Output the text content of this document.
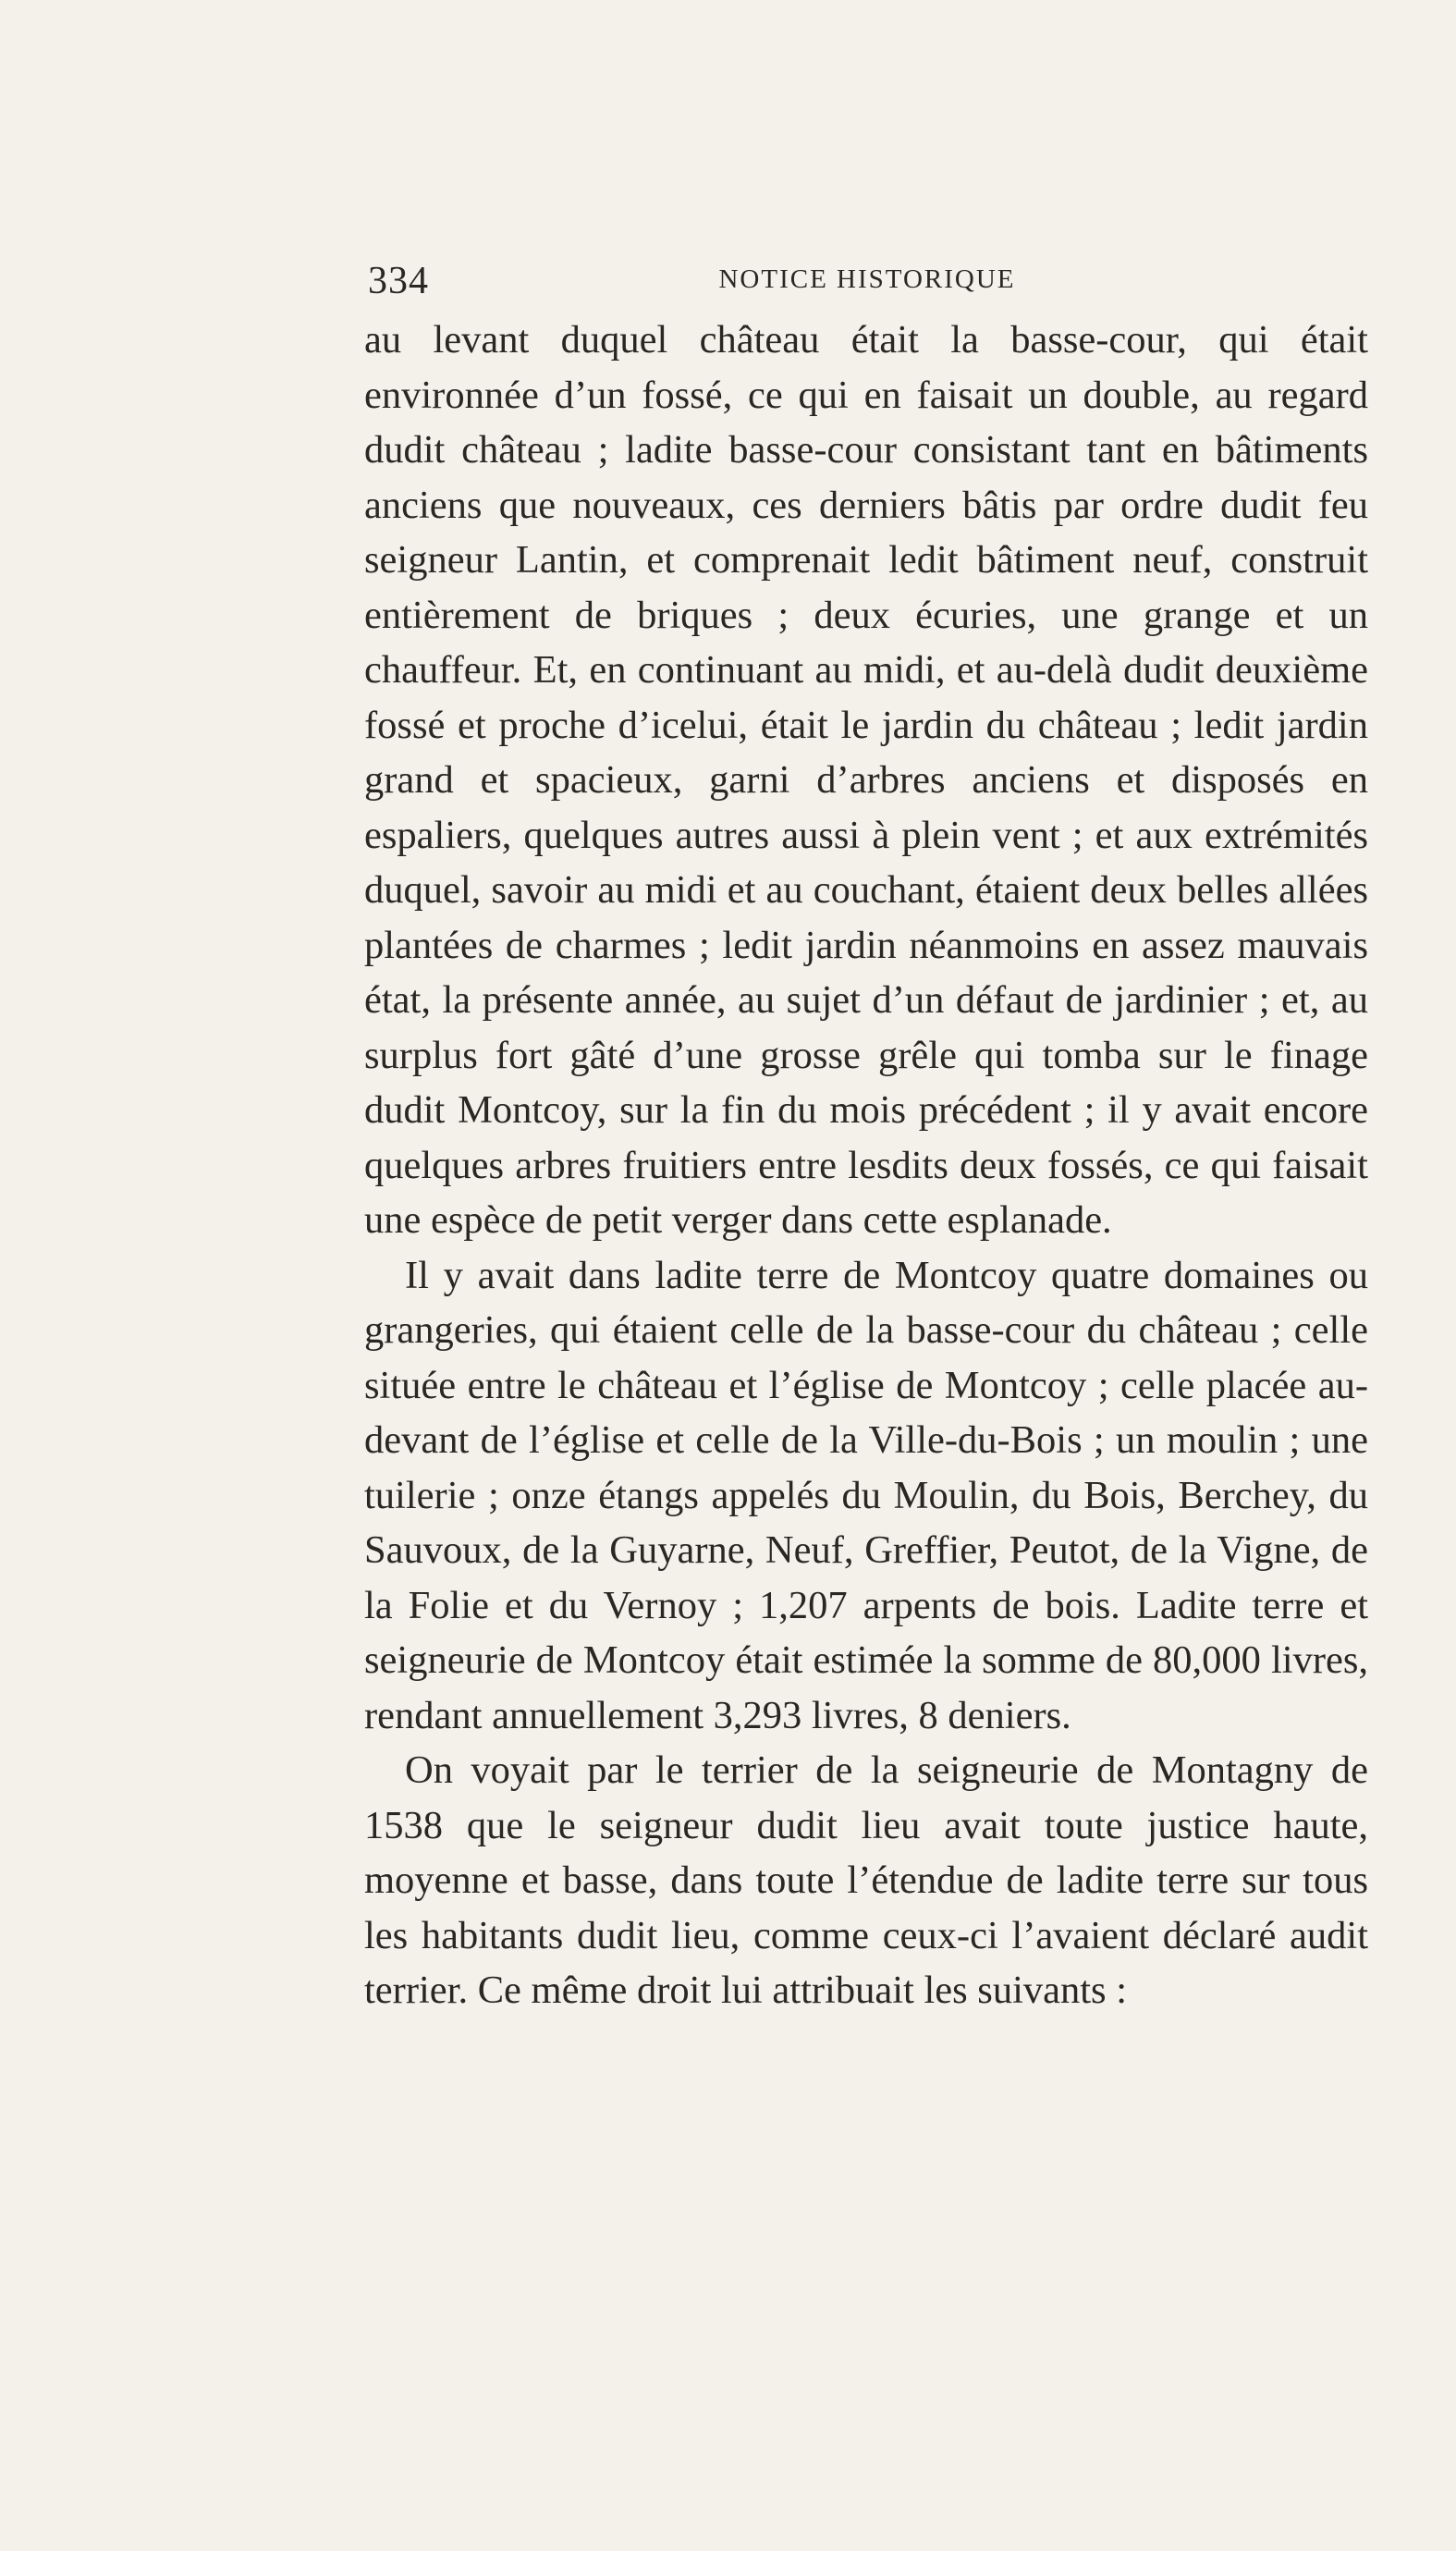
334	NOTICE HISTORIQUE

au levant duquel château était la basse-cour, qui était environnée d’un fossé, ce qui en faisait un double, au regard dudit château ; ladite basse-cour consistant tant en bâtiments anciens que nouveaux, ces derniers bâtis par ordre dudit feu seigneur Lantin, et comprenait ledit bâtiment neuf, construit entièrement de briques ; deux écuries, une grange et un chauffeur. Et, en continuant au midi, et au-delà dudit deuxième fossé et proche d’icelui, était le jardin du château ; ledit jardin grand et spacieux, garni d’arbres anciens et disposés en espaliers, quelques autres aussi à plein vent ; et aux extrémités duquel, savoir au midi et au couchant, étaient deux belles allées plantées de charmes ; ledit jardin néanmoins en assez mauvais état, la présente année, au sujet d’un défaut de jardinier ; et, au surplus fort gâté d’une grosse grêle qui tomba sur le finage dudit Montcoy, sur la fin du mois précédent ; il y avait encore quelques arbres fruitiers entre lesdits deux fossés, ce qui faisait une espèce de petit verger dans cette esplanade.

Il y avait dans ladite terre de Montcoy quatre domaines ou grangeries, qui étaient celle de la basse-cour du château ; celle située entre le château et l’église de Montcoy ; celle placée au-devant de l’église et celle de la Ville-du-Bois ; un moulin ; une tuilerie ; onze étangs appelés du Moulin, du Bois, Berchey, du Sauvoux, de la Guyarne, Neuf, Greffier, Peutot, de la Vigne, de la Folie et du Vernoy ; 1,207 arpents de bois. Ladite terre et seigneurie de Montcoy était estimée la somme de 80,000 livres, rendant annuellement 3,293 livres, 8 deniers.

On voyait par le terrier de la seigneurie de Montagny de 1538 que le seigneur dudit lieu avait toute justice haute, moyenne et basse, dans toute l’étendue de ladite terre sur tous les habitants dudit lieu, comme ceux-ci l’avaient déclaré audit terrier. Ce même droit lui attribuait les suivants :
